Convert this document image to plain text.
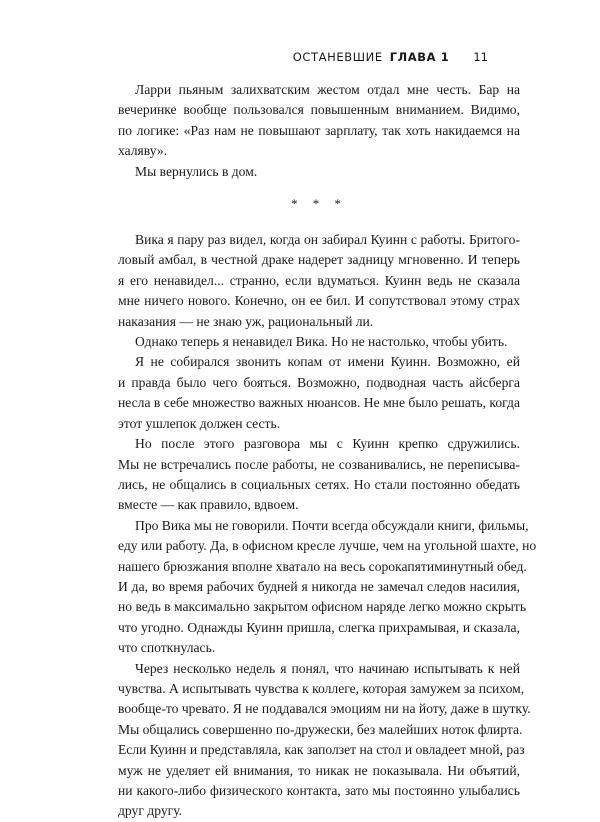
ОСТАНЕВШИЕ ГЛАВА 1 11
Ларри пьяным залихватским жестом отдал мне честь. Бар на
вечеринке вообще пользовался повышенным вниманием. Видимо,
по логике: «Раз нам не повышают зарплату, так хоть накидаемся на
халяву».
Мы вернулись в дом.
* * *
Вика я пару раз видел, когда он забирал Куинн с работы. Бритого-
ловый амбал, в честной драке надерет задницу мгновенно. И теперь
я его ненавидел... странно, если вдуматься. Куинн ведь не сказала
мне ничего нового. Конечно, он ее бил. И сопутствовал этому страх
наказания — не знаю уж, рациональный ли.
Однако теперь я ненавидел Вика. Но не настолько, чтобы убить.
Я не собирался звонить копам от имени Куинн. Возможно, ей
и правда было чего бояться. Возможно, подводная часть айсберга
несла в себе множество важных нюансов. Не мне было решать, когда
этот ушлепок должен сесть.
Но после этого разговора мы с Куинн крепко сдружились.
Мы не встречались после работы, не созванивались, не переписыва-
лись, не общались в социальных сетях. Но стали постоянно обедать
вместе — как правило, вдвоем.
Про Вика мы не говорили. Почти всегда обсуждали книги, фильмы,
еду или работу. Да, в офисном кресле лучше, чем на угольной шахте, но
нашего брюзжания вполне хватало на весь сорокапятиминутный обед.
И да, во время рабочих будней я никогда не замечал следов насилия,
но ведь в максимально закрытом офисном наряде легко можно скрыть
что угодно. Однажды Куинн пришла, слегка прихрамывая, и сказала,
что споткнулась.
Через несколько недель я понял, что начинаю испытывать к ней
чувства. А испытывать чувства к коллеге, которая замужем за психом,
вообще-то чревато. Я не поддавался эмоциям ни на йоту, даже в шутку.
Мы общались совершенно по-дружески, без малейших ноток флирта.
Если Куинн и представляла, как заползет на стол и овладеет мной, раз
муж не уделяет ей внимания, то никак не показывала. Ни объятий,
ни какого-либо физического контакта, зато мы постоянно улыбались
друг другу.
